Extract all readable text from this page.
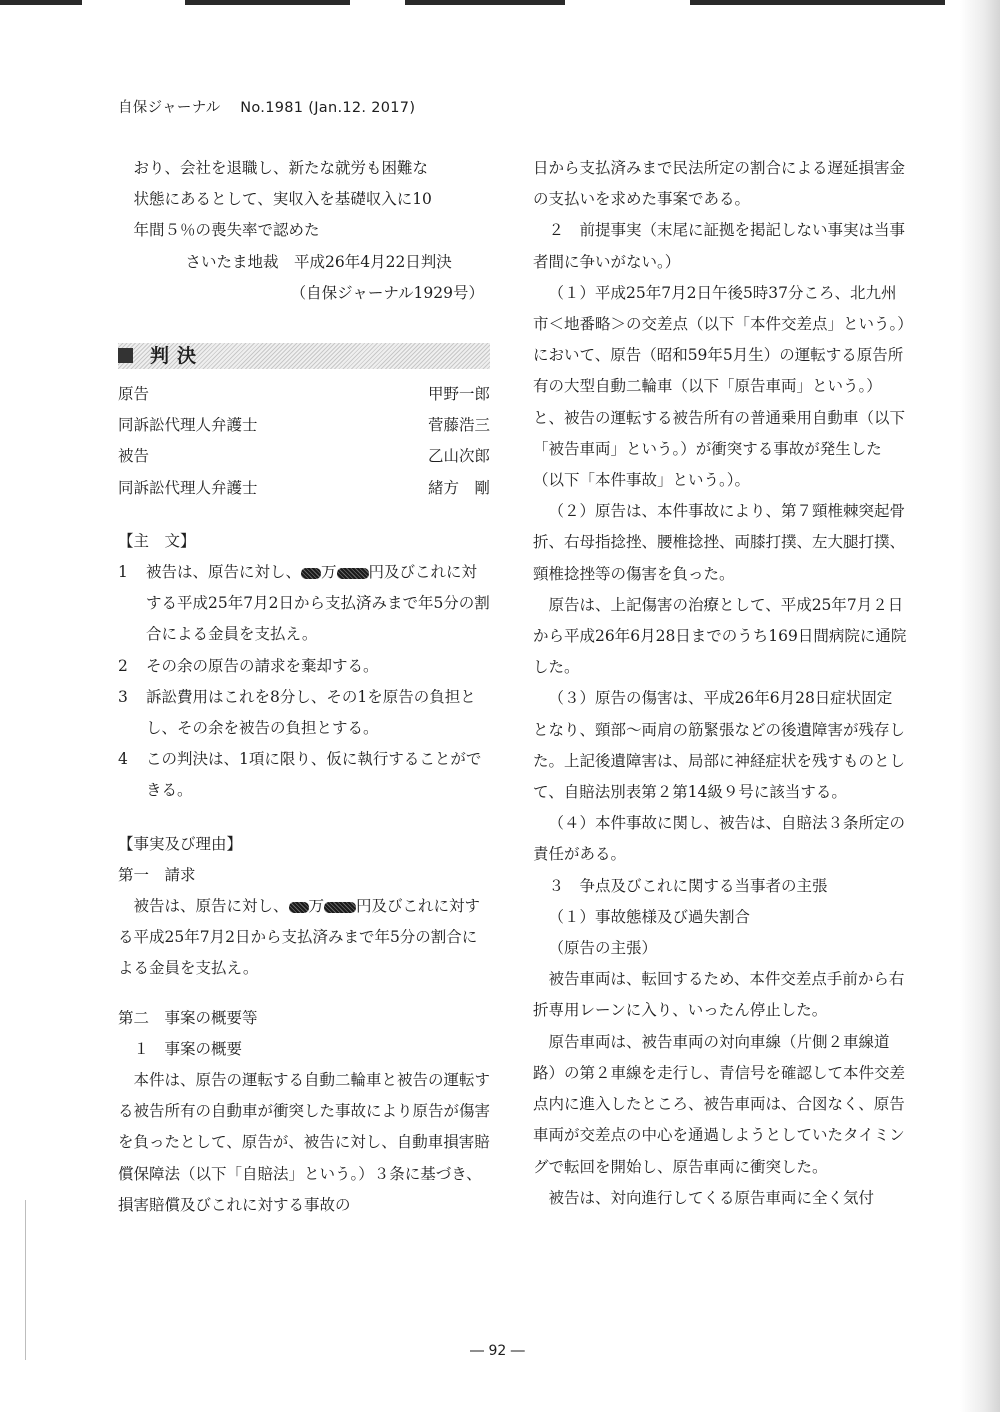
自保ジャーナル No.1981 (Jan.12. 2017)

おり、会社を退職し、新たな就労も困難な

状態にあるとして、実収入を基礎収入に10

年間５％の喪失率で認めた

さいたま地裁　平成26年4月22日判決

（自保ジャーナル1929号）

判決
原告	甲野一郎
同訴訟代理人弁護士	菅藤浩三
被告	乙山次郎
同訴訟代理人弁護士	緒方　剛

【主　文】

1	被告は、原告に対し、 万 円及びこれに対する平成25年7月2日から支払済みまで年5分の割合による金員を支払え。
2	その余の原告の請求を棄却する。
3	訴訟費用はこれを8分し、その1を原告の負担とし、その余を被告の負担とする。
4	この判決は、1項に限り、仮に執行することができる。

【事実及び理由】

第一　請求

被告は、原告に対し、 万 円及びこれに対する平成25年7月2日から支払済みまで年5分の割合による金員を支払え。

第二　事案の概要等

１　事案の概要

本件は、原告の運転する自動二輪車と被告の運転する被告所有の自動車が衝突した事故により原告が傷害を負ったとして、原告が、被告に対し、自動車損害賠償保障法（以下「自賠法」という。）３条に基づき、損害賠償及びこれに対する事故の

日から支払済みまで民法所定の割合による遅延損害金の支払いを求めた事案である。

２　前提事実（末尾に証拠を掲記しない事実は当事者間に争いがない。）

（１）平成25年7月2日午後5時37分ころ、北九州市＜地番略＞の交差点（以下「本件交差点」という。）において、原告（昭和59年5月生）の運転する原告所有の大型自動二輪車（以下「原告車両」という。）と、被告の運転する被告所有の普通乗用自動車（以下「被告車両」という。）が衝突する事故が発生した（以下「本件事故」という。）。

（２）原告は、本件事故により、第７頸椎棘突起骨折、右母指捻挫、腰椎捻挫、両膝打撲、左大腿打撲、頸椎捻挫等の傷害を負った。

原告は、上記傷害の治療として、平成25年7月２日から平成26年6月28日までのうち169日間病院に通院した。

（３）原告の傷害は、平成26年6月28日症状固定となり、頸部～両肩の筋緊張などの後遺障害が残存した。上記後遺障害は、局部に神経症状を残すものとして、自賠法別表第２第14級９号に該当する。

（４）本件事故に関し、被告は、自賠法３条所定の責任がある。

３　争点及びこれに関する当事者の主張

（１）事故態様及び過失割合

（原告の主張）

被告車両は、転回するため、本件交差点手前から右折専用レーンに入り、いったん停止した。

原告車両は、被告車両の対向車線（片側２車線道路）の第２車線を走行し、青信号を確認して本件交差点内に進入したところ、被告車両は、合図なく、原告車両が交差点の中心を通過しようとしていたタイミングで転回を開始し、原告車両に衝突した。

被告は、対向進行してくる原告車両に全く気付

― 92 ―
